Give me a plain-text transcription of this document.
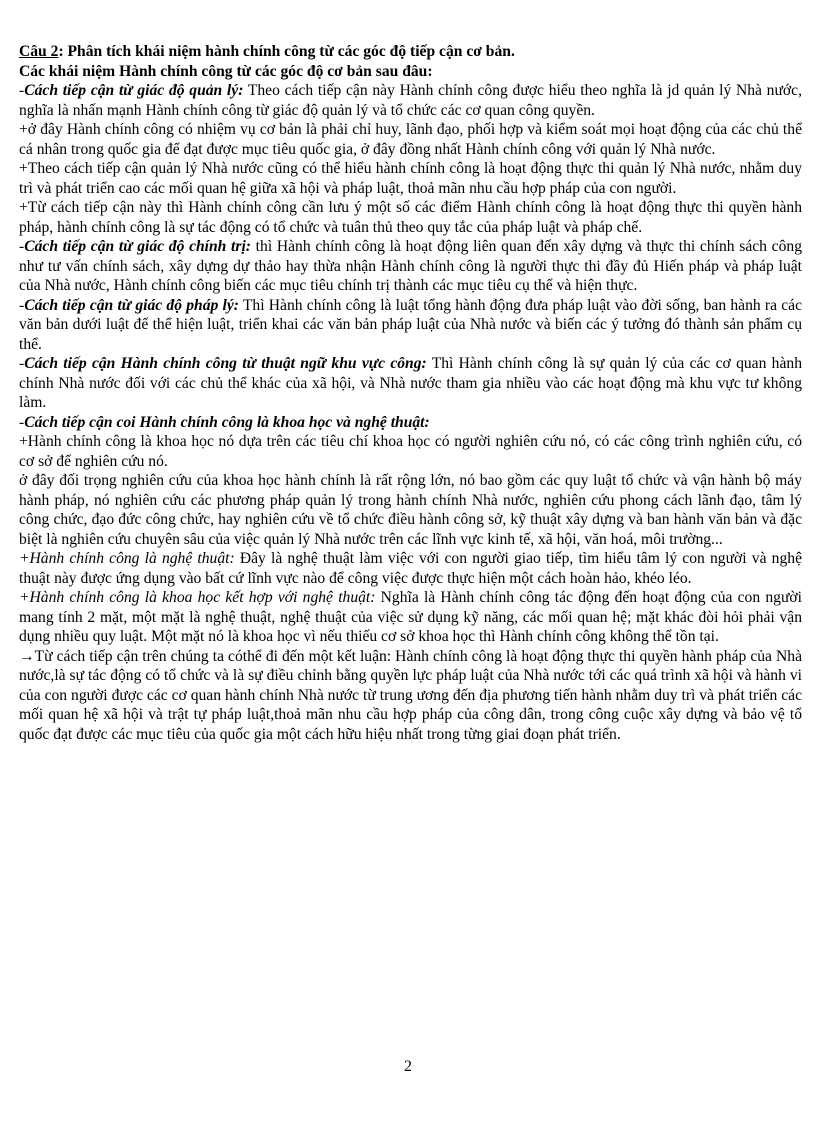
Câu 2: Phân tích khái niệm hành chính công từ các góc độ tiếp cận cơ bản.

Các khái niệm Hành chính công từ các góc độ cơ bản sau đâu:

-Cách tiếp cận từ giác độ quản lý: Theo cách tiếp cận này Hành chính công được hiểu theo nghĩa là jd quản lý Nhà nước, nghĩa là nhấn mạnh Hành chính công từ giác độ quản lý và tổ chức các cơ quan công quyền.

+ở đây Hành chính công có nhiệm vụ cơ bản là phải chỉ huy, lãnh đạo, phối hợp và kiểm soát mọi hoạt động của các chủ thể cá nhân trong quốc gia để đạt được mục tiêu quốc gia, ở đây đồng nhất Hành chính công với quản lý Nhà nước.

+Theo cách tiếp cận quản lý Nhà nước cũng có thể hiểu hành chính công là hoạt động thực thi quản lý Nhà nước, nhằm duy trì và phát triển cao các mối quan hệ giữa xã hội và pháp luật, thoả mãn nhu cầu hợp pháp của con người.

+Từ cách tiếp cận này thì Hành chính công cần lưu ý một số các điểm Hành chính công là hoạt động thực thi quyền hành pháp, hành chính công là sự tác động có tổ chức và tuân thủ theo quy tắc của pháp luật và pháp chế.

-Cách tiếp cận từ giác độ chính trị: thì Hành chính công là hoạt động liên quan đến xây dựng và thực thi chính sách công như tư vấn chính sách, xây dựng dự thảo hay thừa nhận Hành chính công là người thực thi đầy đủ Hiến pháp và pháp luật của Nhà nước, Hành chính công biến các mục tiêu chính trị thành các mục tiêu cụ thể và hiện thực.

-Cách tiếp cận từ giác độ pháp lý: Thì Hành chính công là luật tổng hành động đưa pháp luật vào đời sống, ban hành ra các văn bản dưới luật để thể hiện luật, triển khai các văn bản pháp luật của Nhà nước và biến các ý tưởng đó thành sản phẩm cụ thể.

-Cách tiếp cận Hành chính công từ thuật ngữ khu vực công: Thì Hành chính công là sự quản lý của các cơ quan hành chính Nhà nước đối với các chủ thể khác của xã hội, và Nhà nước tham gia nhiều vào các hoạt động mà khu vực tư không làm.

-Cách tiếp cận coi Hành chính công là khoa học và nghệ thuật:

+Hành chính công là khoa học nó dựa trên các tiêu chí khoa học có người nghiên cứu nó, có các công trình nghiên cứu, có cơ sở để nghiên cứu nó.

ở đây đối trọng nghiên cứu của khoa học hành chính là rất rộng lớn, nó bao gồm các quy luật tổ chức và vận hành bộ máy hành pháp, nó nghiên cứu các phương pháp quản lý trong hành chính Nhà nước, nghiên cứu phong cách lãnh đạo, tâm lý công chức, đạo đức công chức, hay nghiên cứu về tổ chức điều hành công sở, kỹ thuật xây dựng và ban hành văn bản và đặc biệt là nghiên cứu chuyên sâu của việc quản lý Nhà nước trên các lĩnh vực kinh tế, xã hội, văn hoá, môi trường...

+Hành chính công là nghệ thuật: Đây là nghệ thuật làm việc với con người giao tiếp, tìm hiểu tâm lý con người và nghệ thuật này được ứng dụng vào bất cứ lĩnh vực nào để công việc được thực hiện một cách hoàn hảo, khéo léo.

+Hành chính công là khoa học kết hợp với nghệ thuật: Nghĩa là Hành chính công tác động đến hoạt động của con người mang tính 2 mặt, một mặt là nghệ thuật, nghệ thuật của việc sử dụng kỹ năng, các mối quan hệ; mặt khác đòi hỏi phải vận dụng nhiều quy luật. Một mặt nó là khoa học vì nếu thiếu cơ sở khoa học thì Hành chính công không thể tồn tại.

→Từ cách tiếp cận trên chúng ta cóthể đi đến một kết luận: Hành chính công là hoạt động thực thi quyền hành pháp của Nhà nước,là sự tác động có tổ chức và là sự điều chỉnh bằng quyền lực pháp luật của Nhà nước tới các quá trình xã hội và hành vi của con người được các cơ quan hành chính Nhà nước từ trung ương đến địa phương tiến hành nhằm duy trì và phát triển các mối quan hệ xã hội và trật tự pháp luật,thoả mãn nhu cầu hợp pháp của công dân, trong công cuộc xây dựng và bảo vệ tổ quốc đạt được các mục tiêu của quốc gia một cách hữu hiệu nhất trong từng giai đoạn phát triển.

2
